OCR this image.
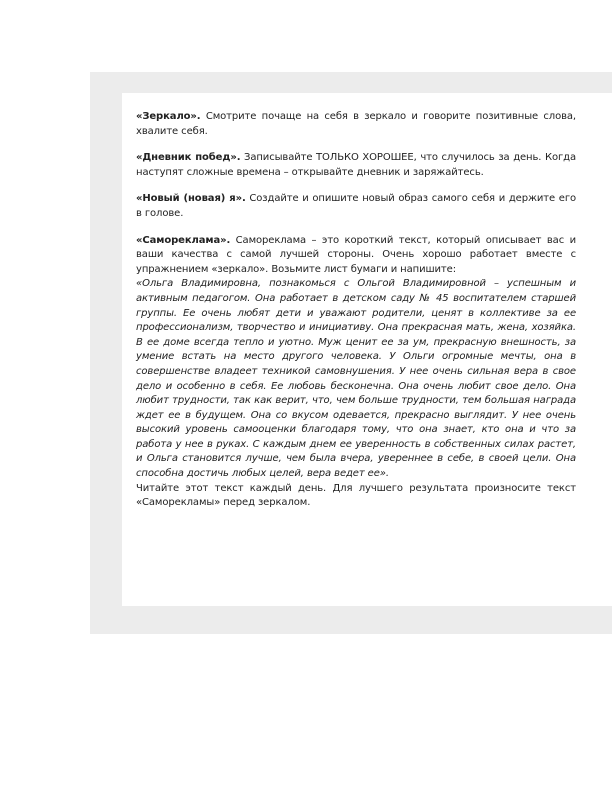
«Зеркало». Смотрите почаще на себя в зеркало и говорите позитивные слова, хвалите себя.

«Дневник побед». Записывайте ТОЛЬКО ХОРОШЕЕ, что случилось за день. Когда наступят сложные времена – открывайте дневник и заряжайтесь.

«Новый (новая) я». Создайте и опишите новый образ самого себя и держите его в голове.

«Самореклама». Самореклама – это короткий текст, который описывает вас и ваши качества с самой лучшей стороны. Очень хорошо работает вместе с упражнением «зеркало». Возьмите лист бумаги и напишите:

«Ольга Владимировна, познакомься с Ольгой Владимировной – успешным и активным педагогом. Она работает в детском саду № 45 воспитателем старшей группы. Ее очень любят дети и уважают родители, ценят в коллективе за ее профессионализм, творчество и инициативу. Она прекрасная мать, жена, хозяйка. В ее доме всегда тепло и уютно. Муж ценит ее за ум, прекрасную внешность, за умение встать на место другого человека. У Ольги огромные мечты, она в совершенстве владеет техникой самовнушения. У нее очень сильная вера в свое дело и особенно в себя. Ее любовь бесконечна. Она очень любит свое дело. Она любит трудности, так как верит, что, чем больше трудности, тем большая награда ждет ее в будущем. Она со вкусом одевается, прекрасно выглядит. У нее очень высокий уровень самооценки благодаря тому, что она знает, кто она и что за работа у нее в руках. С каждым днем ее уверенность в собственных силах растет, и Ольга становится лучше, чем была вчера, увереннее в себе, в своей цели. Она способна достичь любых целей, вера ведет ее».

Читайте этот текст каждый день. Для лучшего результата произносите текст «Саморекламы» перед зеркалом.
